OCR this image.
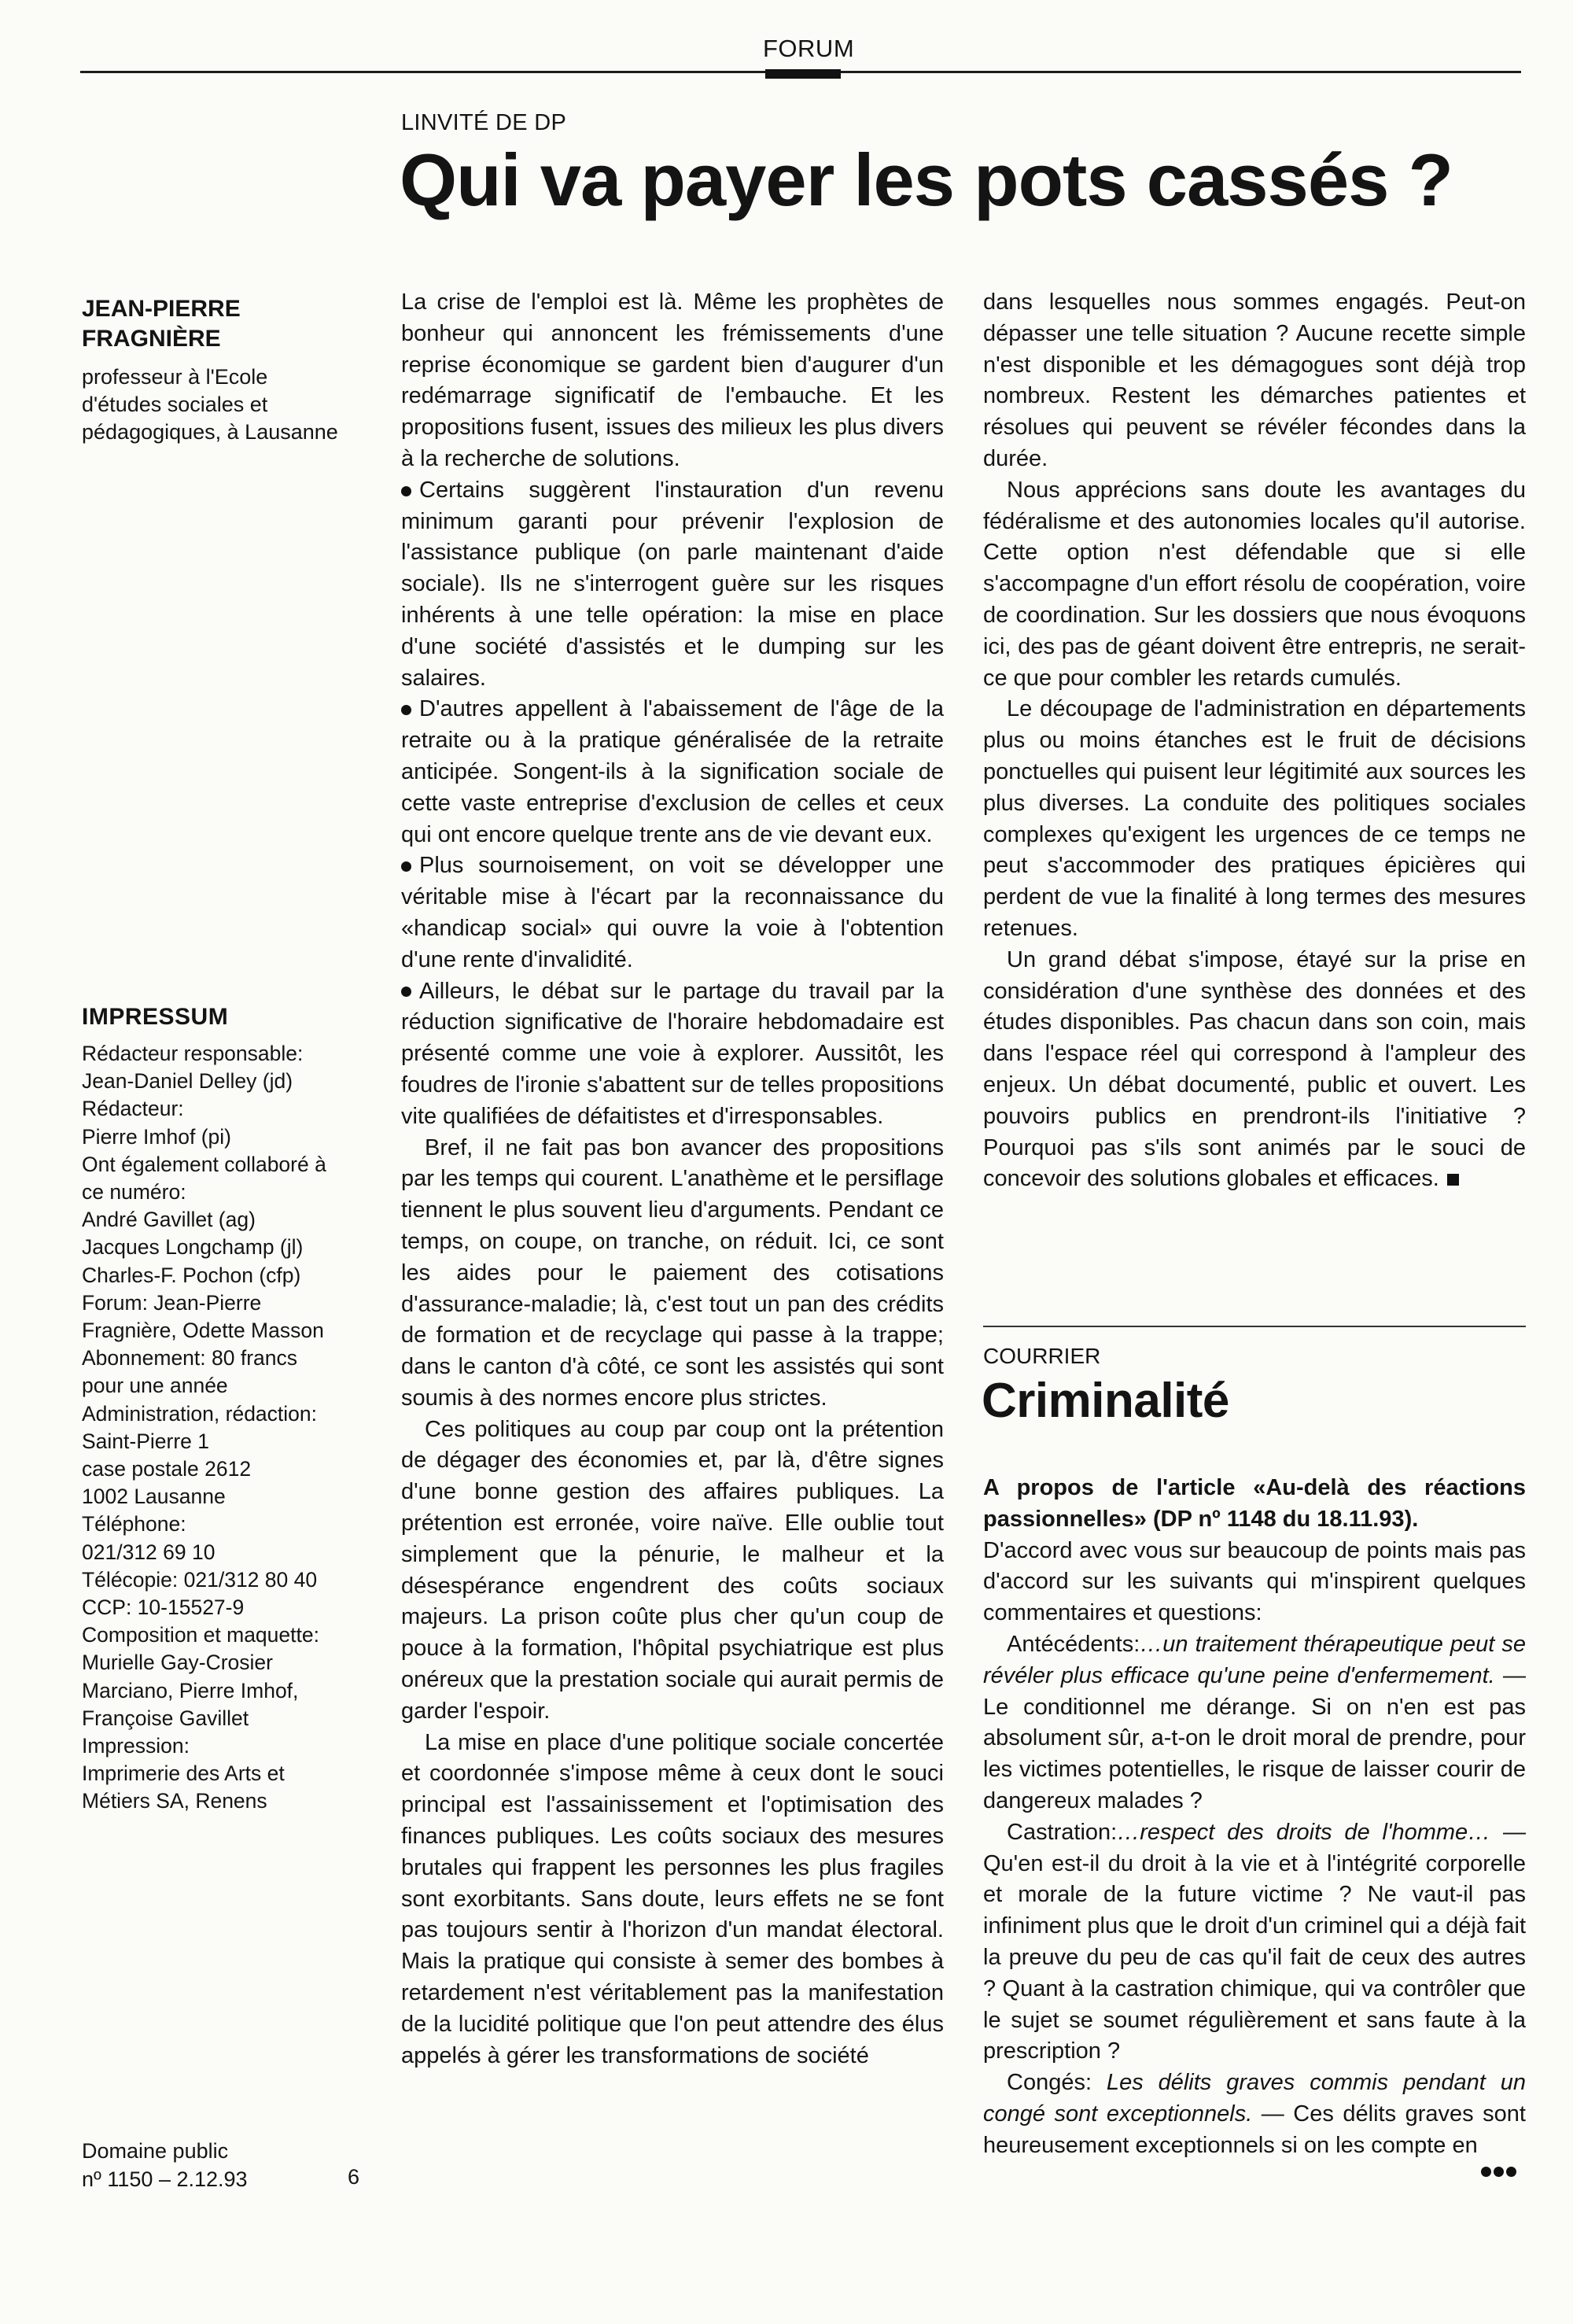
FORUM
LINVITÉ DE DP
Qui va payer les pots cassés ?
JEAN-PIERRE
FRAGNIÈRE
professeur à l'Ecole
d'études sociales et
pédagogiques, à Lausanne

La crise de l'emploi est là. Même les prophètes de bonheur qui annoncent les frémissements d'une reprise économique se gardent bien d'augurer d'un redémarrage significatif de l'embauche. Et les propositions fusent, issues des milieux les plus divers à la recherche de solutions.

Certains suggèrent l'instauration d'un revenu minimum garanti pour prévenir l'explosion de l'assistance publique (on parle maintenant d'aide sociale). Ils ne s'interrogent guère sur les risques inhérents à une telle opération: la mise en place d'une société d'assistés et le dumping sur les salaires.

D'autres appellent à l'abaissement de l'âge de la retraite ou à la pratique généralisée de la retraite anticipée. Songent-ils à la signification sociale de cette vaste entreprise d'exclusion de celles et ceux qui ont encore quelque trente ans de vie devant eux.

Plus sournoisement, on voit se développer une véritable mise à l'écart par la reconnaissance du «handicap social» qui ouvre la voie à l'obtention d'une rente d'invalidité.

Ailleurs, le débat sur le partage du travail par la réduction significative de l'horaire hebdomadaire est présenté comme une voie à explorer. Aussitôt, les foudres de l'ironie s'abattent sur de telles propositions vite qualifiées de défaitistes et d'irresponsables.

Bref, il ne fait pas bon avancer des propositions par les temps qui courent. L'anathème et le persiflage tiennent le plus souvent lieu d'arguments. Pendant ce temps, on coupe, on tranche, on réduit. Ici, ce sont les aides pour le paiement des cotisations d'assurance-maladie; là, c'est tout un pan des crédits de formation et de recyclage qui passe à la trappe; dans le canton d'à côté, ce sont les assistés qui sont soumis à des normes encore plus strictes.

Ces politiques au coup par coup ont la prétention de dégager des économies et, par là, d'être signes d'une bonne gestion des affaires publiques. La prétention est erronée, voire naïve. Elle oublie tout simplement que la pénurie, le malheur et la désespérance engendrent des coûts sociaux majeurs. La prison coûte plus cher qu'un coup de pouce à la formation, l'hôpital psychiatrique est plus onéreux que la prestation sociale qui aurait permis de garder l'espoir.

La mise en place d'une politique sociale concertée et coordonnée s'impose même à ceux dont le souci principal est l'assainissement et l'optimisation des finances publiques. Les coûts sociaux des mesures brutales qui frappent les personnes les plus fragiles sont exorbitants. Sans doute, leurs effets ne se font pas toujours sentir à l'horizon d'un mandat électoral. Mais la pratique qui consiste à semer des bombes à retardement n'est véritablement pas la manifestation de la lucidité politique que l'on peut attendre des élus appelés à gérer les transformations de société

dans lesquelles nous sommes engagés. Peut-on dépasser une telle situation ? Aucune recette simple n'est disponible et les démagogues sont déjà trop nombreux. Restent les démarches patientes et résolues qui peuvent se révéler fécondes dans la durée.

Nous apprécions sans doute les avantages du fédéralisme et des autonomies locales qu'il autorise. Cette option n'est défendable que si elle s'accompagne d'un effort résolu de coopération, voire de coordination. Sur les dossiers que nous évoquons ici, des pas de géant doivent être entrepris, ne serait-ce que pour combler les retards cumulés.

Le découpage de l'administration en départements plus ou moins étanches est le fruit de décisions ponctuelles qui puisent leur légitimité aux sources les plus diverses. La conduite des politiques sociales complexes qu'exigent les urgences de ce temps ne peut s'accommoder des pratiques épicières qui perdent de vue la finalité à long termes des mesures retenues.

Un grand débat s'impose, étayé sur la prise en considération d'une synthèse des données et des études disponibles. Pas chacun dans son coin, mais dans l'espace réel qui correspond à l'ampleur des enjeux. Un débat documenté, public et ouvert. Les pouvoirs publics en prendront-ils l'initiative ? Pourquoi pas s'ils sont animés par le souci de concevoir des solutions globales et efficaces.

IMPRESSUM
Rédacteur responsable:
Jean-Daniel Delley (jd)
Rédacteur:
Pierre Imhof (pi)
Ont également collaboré à
ce numéro:
André Gavillet (ag)
Jacques Longchamp (jl)
Charles-F. Pochon (cfp)
Forum: Jean-Pierre
Fragnière, Odette Masson
Abonnement: 80 francs
pour une année
Administration, rédaction:
Saint-Pierre 1
case postale 2612
1002 Lausanne
Téléphone:
021/312 69 10
Télécopie: 021/312 80 40
CCP: 10-15527-9
Composition et maquette:
Murielle Gay-Crosier
Marciano, Pierre Imhof,
Françoise Gavillet
Impression:
Imprimerie des Arts et
Métiers SA, Renens
Domaine public
nº 1150 – 2.12.93	6
COURRIER
Criminalité

A propos de l'article «Au-delà des réactions passionnelles» (DP nº 1148 du 18.11.93).

D'accord avec vous sur beaucoup de points mais pas d'accord sur les suivants qui m'inspirent quelques commentaires et questions:

Antécédents:…un traitement thérapeutique peut se révéler plus efficace qu'une peine d'enfermement. — Le conditionnel me dérange. Si on n'en est pas absolument sûr, a-t-on le droit moral de prendre, pour les victimes potentielles, le risque de laisser courir de dangereux malades ?

Castration:…respect des droits de l'homme… — Qu'en est-il du droit à la vie et à l'intégrité corporelle et morale de la future victime ? Ne vaut-il pas infiniment plus que le droit d'un criminel qui a déjà fait la preuve du peu de cas qu'il fait de ceux des autres ? Quant à la castration chimique, qui va contrôler que le sujet se soumet régulièrement et sans faute à la prescription ?

Congés: Les délits graves commis pendant un congé sont exceptionnels. — Ces délits graves sont heureusement exceptionnels si on les compte en
